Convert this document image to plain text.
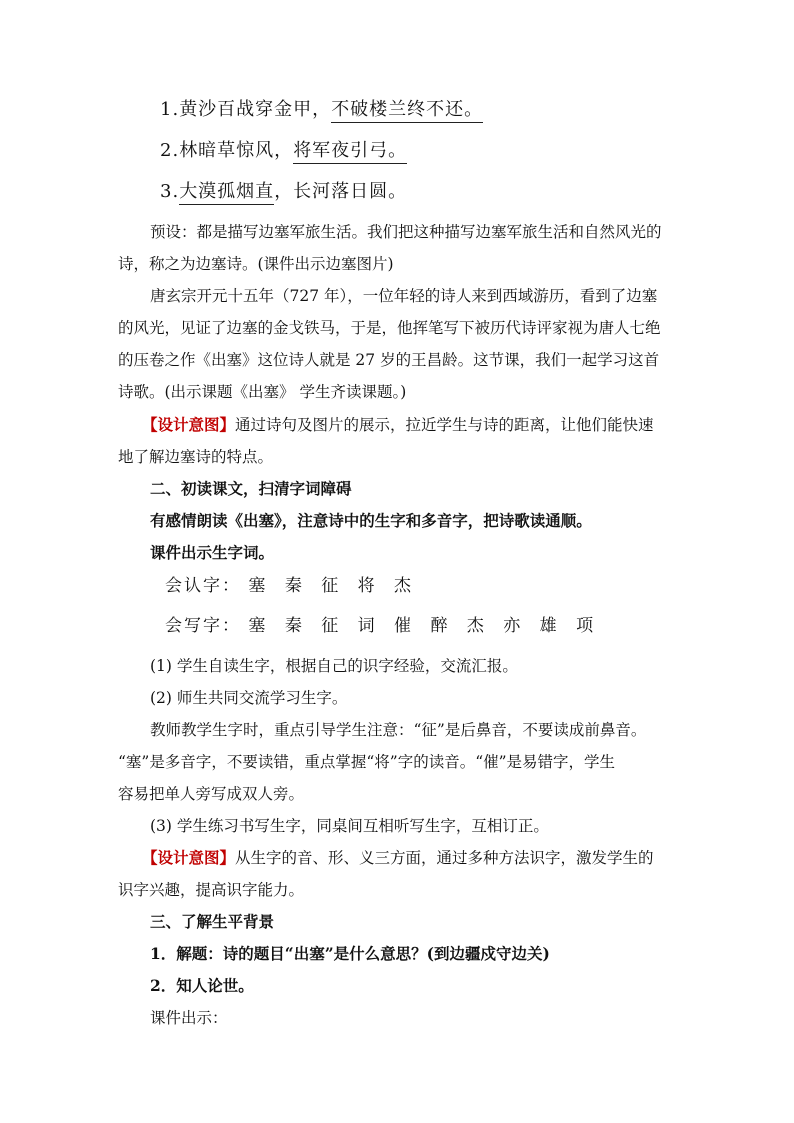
1.黄沙百战穿金甲，不破楼兰终不还。
2.林暗草惊风，将军夜引弓。
3.大漠孤烟直，长河落日圆。
预设：都是描写边塞军旅生活。我们把这种描写边塞军旅生活和自然风光的
诗，称之为边塞诗。(课件出示边塞图片)
唐玄宗开元十五年（727 年），一位年轻的诗人来到西域游历，看到了边塞
的风光，见证了边塞的金戈铁马，于是，他挥笔写下被历代诗评家视为唐人七绝
的压卷之作《出塞》这位诗人就是 27 岁的王昌龄。这节课，我们一起学习这首
诗歌。(出示课题《出塞》 学生齐读课题。)
【设计意图】通过诗句及图片的展示，拉近学生与诗的距离，让他们能快速
地了解边塞诗的特点。
二、初读课文，扫清字词障碍
有感情朗读《出塞》，注意诗中的生字和多音字，把诗歌读通顺。
课件出示生字词。
会认字： 塞 秦 征 将 杰
会写字： 塞 秦 征 词 催 醉 杰 亦 雄 项
(1) 学生自读生字，根据自己的识字经验，交流汇报。
(2) 师生共同交流学习生字。
教师教学生字时，重点引导学生注意：“征”是后鼻音，不要读成前鼻音。
“塞”是多音字，不要读错，重点掌握“将”字的读音。“催”是易错字，学生
容易把单人旁写成双人旁。
(3) 学生练习书写生字，同桌间互相听写生字，互相订正。
【设计意图】从生字的音、形、义三方面，通过多种方法识字，激发学生的
识字兴趣，提高识字能力。
三、了解生平背景
1．解题：诗的题目“出塞”是什么意思？(到边疆戍守边关)
2．知人论世。
课件出示：
